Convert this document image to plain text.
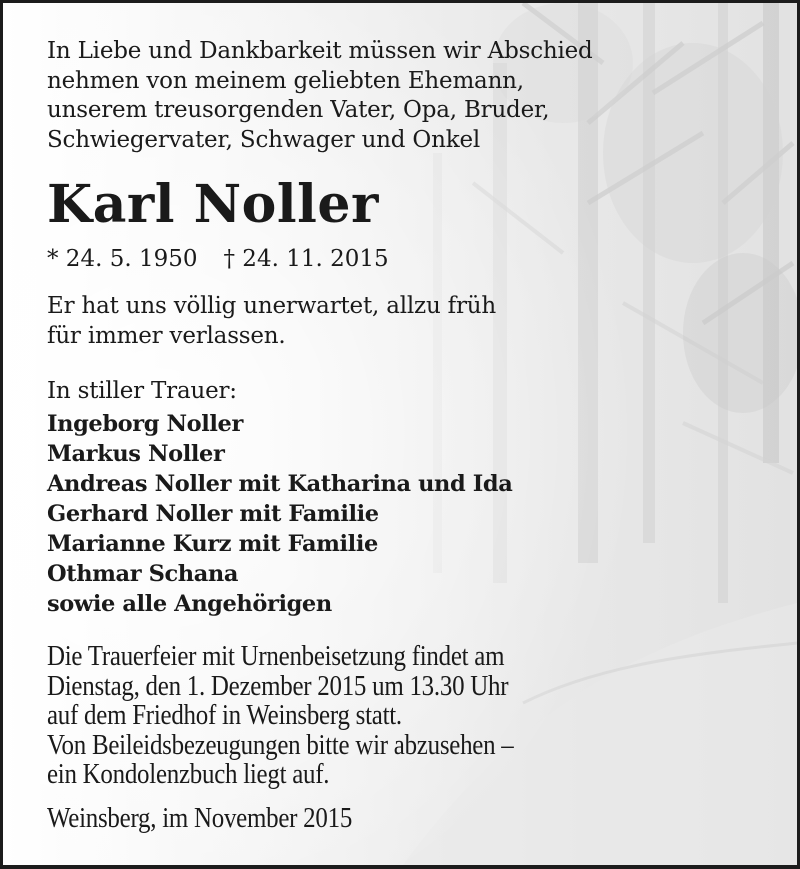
In Liebe und Dankbarkeit müssen wir Abschied
nehmen von meinem geliebten Ehemann,
unserem treusorgenden Vater, Opa, Bruder,
Schwiegervater, Schwager und Onkel
Karl Noller
* 24. 5. 1950 † 24. 11. 2015
Er hat uns völlig unerwartet, allzu früh
für immer verlassen.
In stiller Trauer:
Ingeborg Noller
Markus Noller
Andreas Noller mit Katharina und Ida
Gerhard Noller mit Familie
Marianne Kurz mit Familie
Othmar Schana
sowie alle Angehörigen
Die Trauerfeier mit Urnenbeisetzung findet am
Dienstag, den 1. Dezember 2015 um 13.30 Uhr
auf dem Friedhof in Weinsberg statt.
Von Beileidsbezeugungen bitte wir abzusehen –
ein Kondolenzbuch liegt auf.
Weinsberg, im November 2015
